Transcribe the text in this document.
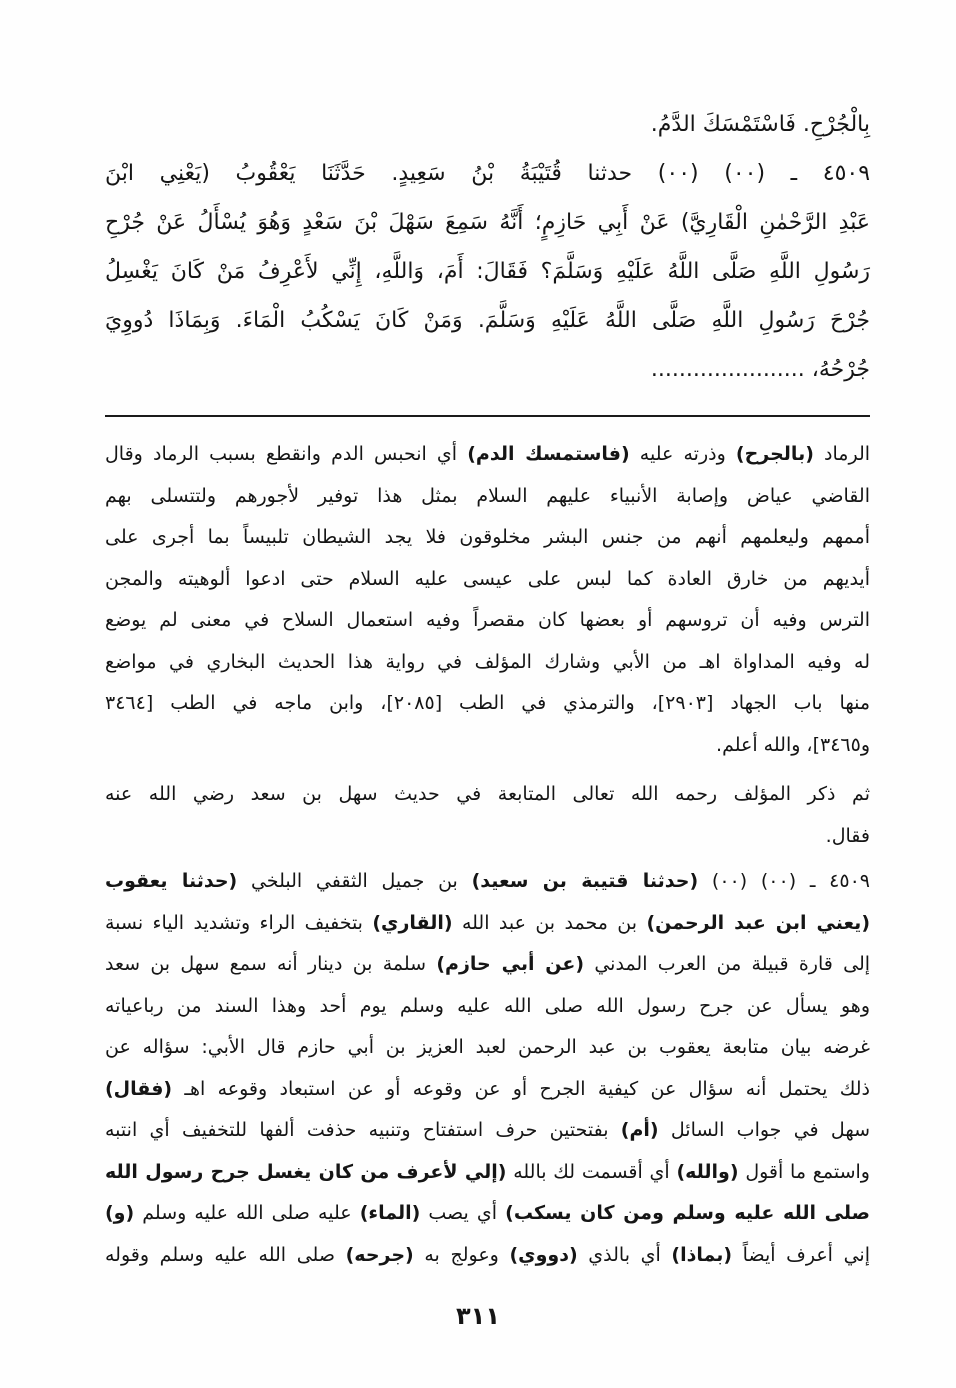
بِالْجُرْحِ. فَاسْتَمْسَكَ الدَّمُ.
٤٥٠٩ ـ (٠٠) (٠٠) حدثنا قُتَيْبَةُ بْنُ سَعِيدٍ. حَدَّثَنَا يَعْقُوبُ (يَعْنِي ابْنَ
عَبْدِ الرَّحْمٰنِ الْقَارِيَّ) عَنْ أَبِي حَازِمٍ؛ أَنَّهُ سَمِعَ سَهْلَ بْنَ سَعْدٍ وَهُوَ يُسْأَلُ عَنْ جُرْحِ
رَسُولِ اللَّهِ صَلَّى اللَّهُ عَلَيْهِ وَسَلَّمَ؟ فَقَالَ: أَمَ، وَاللَّهِ، إِنِّي لأَعْرِفُ مَنْ كَانَ يَغْسِلُ
جُرْحَ رَسُولِ اللَّهِ صَلَّى اللَّهُ عَلَيْهِ وَسَلَّمَ. وَمَنْ كَانَ يَسْكُبُ الْمَاءَ. وَبِمَاذَا دُووِيَ
جُرْحُهُ، ......................
الرماد (بالجرح) وذرته عليه (فاستمسك الدم) أي انحبس الدم وانقطع بسبب الرماد وقال
القاضي عياض وإصابة الأنبياء عليهم السلام بمثل هذا توفير لأجورهم ولتتسلى بهم
أممهم وليعلمهم أنهم من جنس البشر مخلوقون فلا يجد الشيطان تلبيساً بما أجرى على
أيديهم من خارق العادة كما لبس على عيسى عليه السلام حتى ادعوا ألوهيته والمجن
الترس وفيه أن تروسهم أو بعضها كان مقصراً وفيه استعمال السلاح في معنى لم يوضع
له وفيه المداواة اهـ من الأبي وشارك المؤلف في رواية هذا الحديث البخاري في مواضع
منها باب الجهاد [٢٩٠٣]، والترمذي في الطب [٢٠٨٥]، وابن ماجه في الطب [٣٤٦٤
و٣٤٦٥]، والله أعلم.
ثم ذكر المؤلف رحمه الله تعالى المتابعة في حديث سهل بن سعد رضي الله عنه
فقال.
٤٥٠٩ ـ (٠٠) (٠٠) (حدثنا قتيبة بن سعيد) بن جميل الثقفي البلخي (حدثنا يعقوب
(يعني ابن عبد الرحمن) بن محمد بن عبد الله (القاري) بتخفيف الراء وتشديد الياء نسبة
إلى قارة قبيلة من العرب المدني (عن أبي حازم) سلمة بن دينار أنه سمع سهل بن سعد
وهو يسأل عن جرح رسول الله صلى الله عليه وسلم يوم أحد وهذا السند من رباعياته
غرضه بيان متابعة يعقوب بن عبد الرحمن لعبد العزيز بن أبي حازم قال الأبي: سؤاله عن
ذلك يحتمل أنه سؤال عن كيفية الجرح أو عن وقوعه أو عن استبعاد وقوعه اهـ (فقال)
سهل في جواب السائل (أم) بفتحتين حرف استفتاح وتنبيه حذفت ألفها للتخفيف أي انتبه
واستمع ما أقول (والله) أي أقسمت لك بالله (إلي لأعرف من كان يغسل جرح رسول الله
صلى الله عليه وسلم ومن كان يسكب) أي يصب (الماء) عليه صلى الله عليه وسلم (و)
إني أعرف أيضاً (بماذا) أي بالذي (دووي) وعولج به (جرحه) صلى الله عليه وسلم وقوله
٣١١
